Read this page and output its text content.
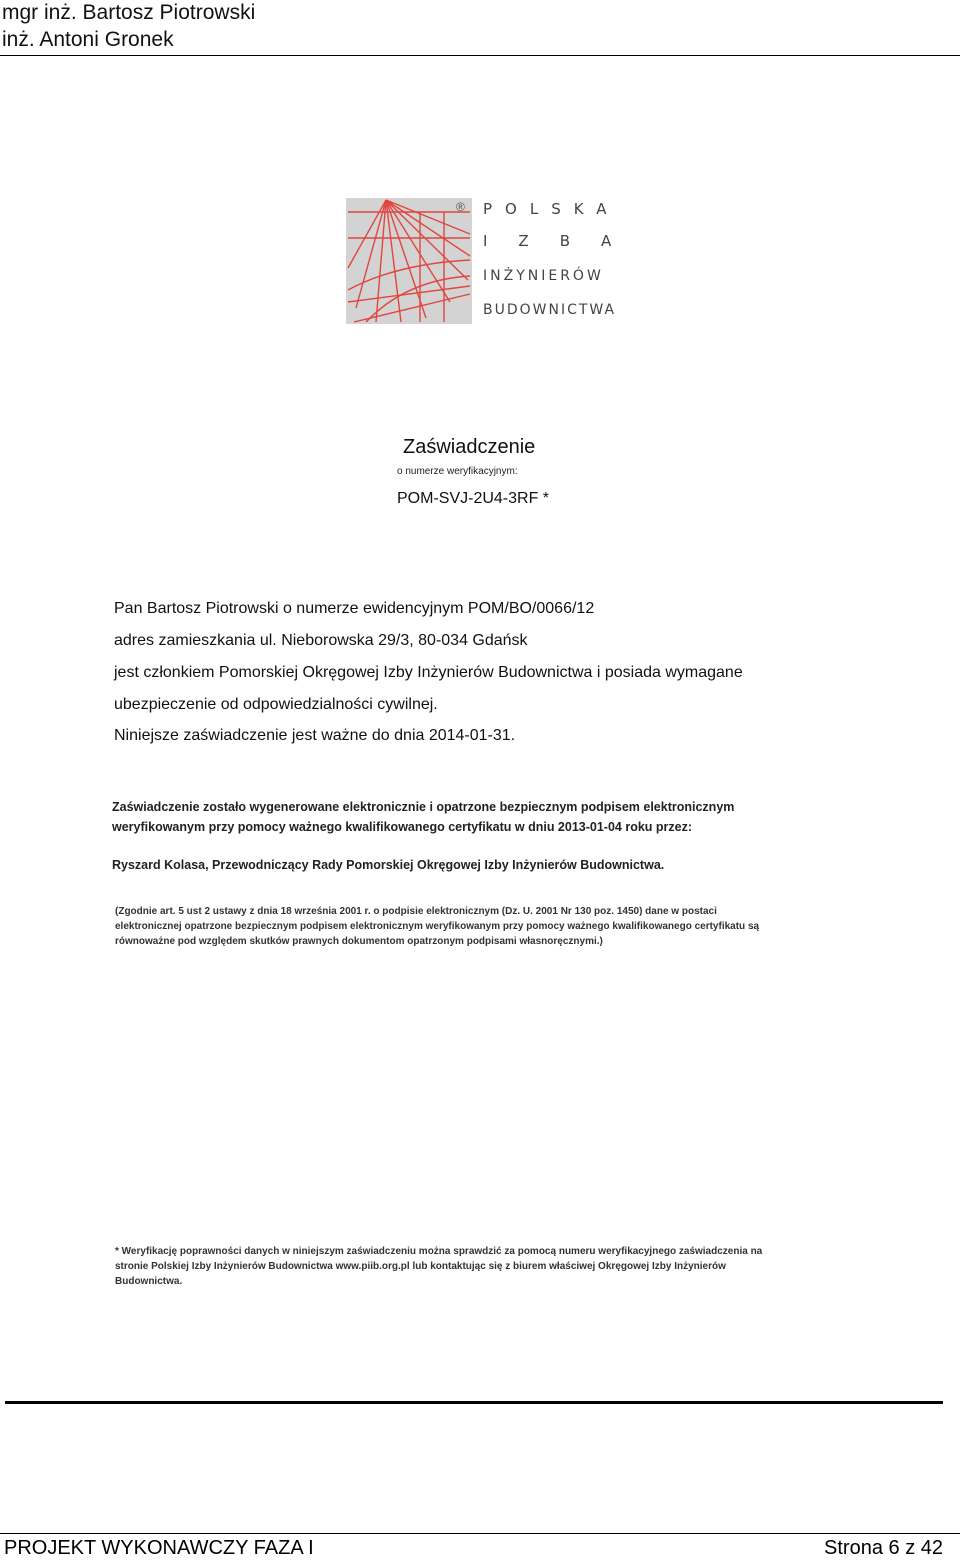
mgr inż. Bartosz Piotrowski
inż. Antoni Gronek
® POLSKA
IZBA
INŻYNIERÓW
BUDOWNICTWA
Zaświadczenie
o numerze weryfikacyjnym:
POM-SVJ-2U4-3RF *
Pan Bartosz Piotrowski o numerze ewidencyjnym POM/BO/0066/12
adres zamieszkania ul. Nieborowska 29/3, 80-034 Gdańsk
jest członkiem Pomorskiej Okręgowej Izby Inżynierów Budownictwa i posiada wymagane
ubezpieczenie od odpowiedzialności cywilnej.
Niniejsze zaświadczenie jest ważne do dnia 2014-01-31.
Zaświadczenie zostało wygenerowane elektronicznie i opatrzone bezpiecznym podpisem elektronicznym
weryfikowanym przy pomocy ważnego kwalifikowanego certyfikatu w dniu 2013-01-04 roku przez:
Ryszard Kolasa, Przewodniczący Rady Pomorskiej Okręgowej Izby Inżynierów Budownictwa.
(Zgodnie art. 5 ust 2 ustawy z dnia 18 września 2001 r. o podpisie elektronicznym (Dz. U. 2001 Nr 130 poz. 1450) dane w postaci
elektronicznej opatrzone bezpiecznym podpisem elektronicznym weryfikowanym przy pomocy ważnego kwalifikowanego certyfikatu są
równoważne pod względem skutków prawnych dokumentom opatrzonym podpisami własnoręcznymi.)
* Weryfikację poprawności danych w niniejszym zaświadczeniu można sprawdzić za pomocą numeru weryfikacyjnego zaświadczenia na
stronie Polskiej Izby Inżynierów Budownictwa www.piib.org.pl lub kontaktując się z biurem właściwej Okręgowej Izby Inżynierów
Budownictwa.
PROJEKT WYKONAWCZY FAZA I	Strona 6 z 42
